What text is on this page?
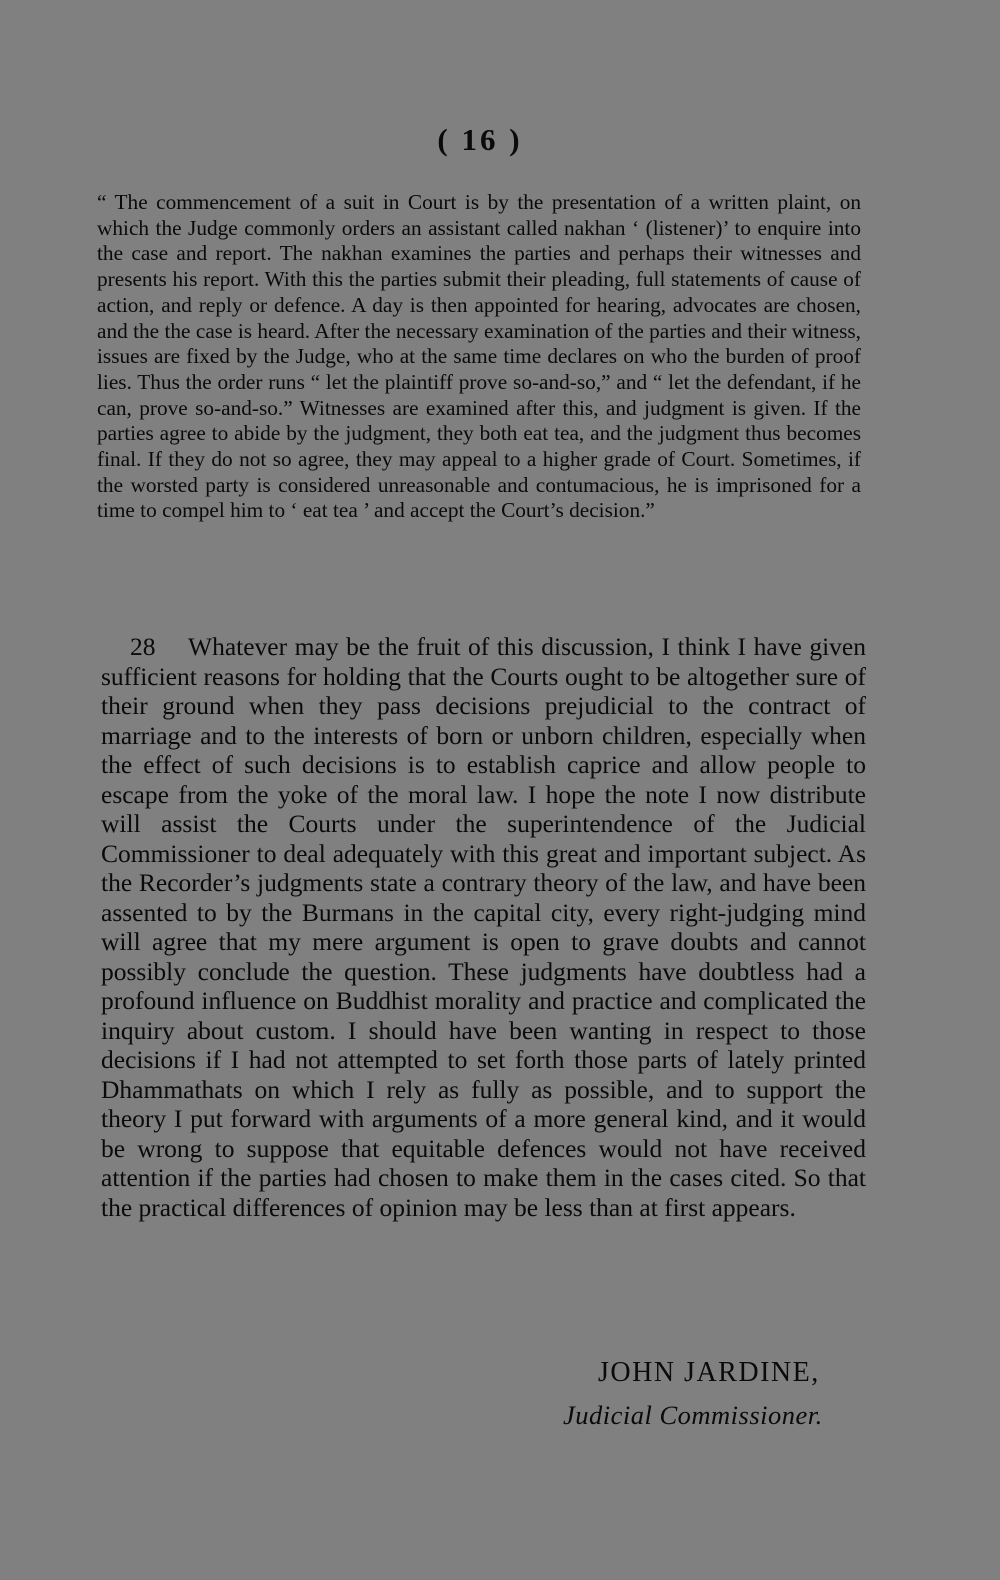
( 16 )

“ The commencement of a suit in Court is by the presentation of a written plaint, on which the Judge commonly orders an assistant called nakhan ‘ (listener)’ to enquire into the case and report. The nakhan examines the parties and perhaps their witnesses and presents his report. With this the parties submit their pleading, full statements of cause of action, and reply or defence. A day is then appointed for hearing, advocates are chosen, and the the case is heard. After the necessary examination of the parties and their witness, issues are fixed by the Judge, who at the same time declares on who the burden of proof lies. Thus the order runs “ let the plaintiff prove so-and-so,” and “ let the defendant, if he can, prove so-and-so.” Witnesses are examined after this, and judgment is given. If the parties agree to abide by the judgment, they both eat tea, and the judgment thus becomes final. If they do not so agree, they may appeal to a higher grade of Court. Sometimes, if the worsted party is considered unreasonable and contumacious, he is imprisoned for a time to compel him to ‘ eat tea ’ and accept the Court’s decision.”

28 Whatever may be the fruit of this discussion, I think I have given sufficient reasons for holding that the Courts ought to be altogether sure of their ground when they pass decisions prejudicial to the contract of marriage and to the interests of born or unborn children, especially when the effect of such decisions is to establish caprice and allow people to escape from the yoke of the moral law. I hope the note I now distribute will assist the Courts under the superintendence of the Judicial Commissioner to deal adequately with this great and important subject. As the Recorder’s judgments state a contrary theory of the law, and have been assented to by the Burmans in the capital city, every right-judging mind will agree that my mere argument is open to grave doubts and cannot possibly conclude the question. These judgments have doubtless had a profound influence on Buddhist morality and practice and complicated the inquiry about custom. I should have been wanting in respect to those decisions if I had not attempted to set forth those parts of lately printed Dhammathats on which I rely as fully as possible, and to support the theory I put forward with arguments of a more general kind, and it would be wrong to suppose that equitable defences would not have received attention if the parties had chosen to make them in the cases cited. So that the practical differences of opinion may be less than at first appears.

JOHN JARDINE,

Judicial Commissioner.
